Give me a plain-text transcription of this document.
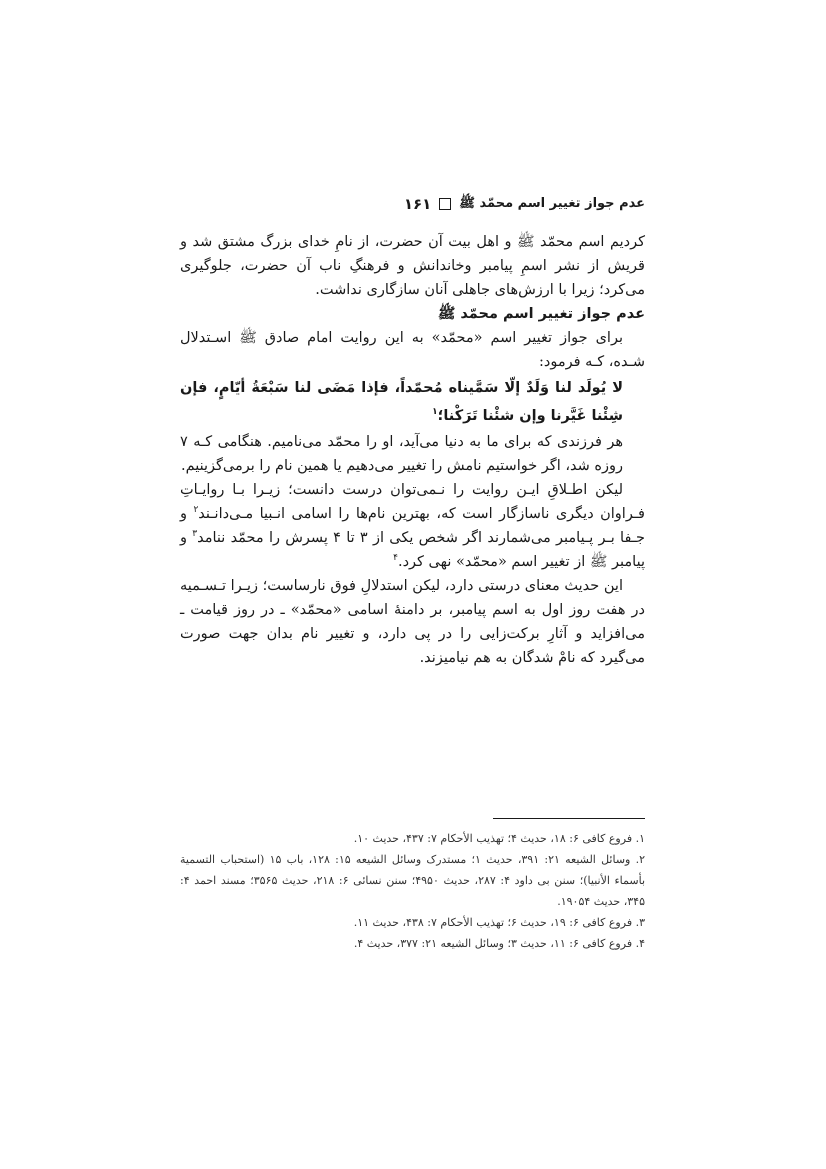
عدم جواز تغییر اسم محمّد ﷺ
۱۶۱

کردیم اسم محمّد ﷺ و اهل بیت آن حضرت، از نامِ خدای بزرگ مشتق شد و قریش از نشر اسمِ پیامبر وخاندانش و فرهنگِ ناب آن حضرت، جلوگیری می‌کرد؛ زیرا با ارزش‌های جاهلی آنان سازگاری نداشت.

عدم جواز تغییر اسم محمّد ﷺ

برای جواز تغییر اسم «محمّد» به این روایت امام صادق ﷺ اسـتدلال شـده، کـه فرمود:

لا یُولَد لنا وَلَدٌ إلّا سَمَّیناه مُحمّداً، فإذا مَضَی لنا سَبْعَةُ أیّامٍ، فإن شِئْنا غَیَّرنا وإن شئْنا تَرَکْنا؛$^۱$

هر فرزندی که برای ما به دنیا می‌آید، او را محمّد می‌نامیم. هنگامی کـه ۷ روزه شد، اگر خواستیم نامش را تغییر می‌دهیم یا همین نام را برمی‌گزینیم.

لیکن اطـلاقِ ایـن روایت را نـمی‌توان درست دانست؛ زیـرا بـا روایـاتِ فـراوان دیگری ناسازگار است که، بهترین نام‌ها را اسامی انـبیا مـی‌دانـند$^۲$ و جـفا بـر پـیامبر می‌شمارند اگر شخص یکی از ۳ تا ۴ پسرش را محمّد ننامد$^۳$ و پیامبر ﷺ از تغییر اسم «محمّد» نهی کرد.$^۴$

این حدیث معنای درستی دارد، لیکن استدلالِ فوق نارساست؛ زیـرا تـسـمیه در هفت روز اول به اسم پیامبر، بر دامنهٔ اسامی «محمّد» ـ در روز قیامت ـ می‌افزاید و آثارِ برکت‌زایی را در پی دارد، و تغییر نام بدان جهت صورت می‌گیرد که نامْ شدگان به هم نیامیزند.

۱. فروع کافی ۶: ۱۸، حدیث ۴؛ تهذیب الأحکام ۷: ۴۳۷، حدیث ۱۰.

۲. وسائل الشیعه ۲۱: ۳۹۱، حدیث ۱؛ مستدرک وسائل الشیعه ۱۵: ۱۲۸، باب ۱۵ (استحباب التسمیة بأسماء الأنبیا)؛ سنن بی داود ۴: ۲۸۷، حدیث ۴۹۵۰؛ سنن نسائی ۶: ۲۱۸، حدیث ۳۵۶۵؛ مسند احمد ۴: ۳۴۵، حدیث ۱۹۰۵۴.

۳. فروع کافی ۶: ۱۹، حدیث ۶؛ تهذیب الأحکام ۷: ۴۳۸، حدیث ۱۱.

۴. فروع کافی ۶: ۱۱، حدیث ۳؛ وسائل الشیعه ۲۱: ۳۷۷، حدیث ۴.
